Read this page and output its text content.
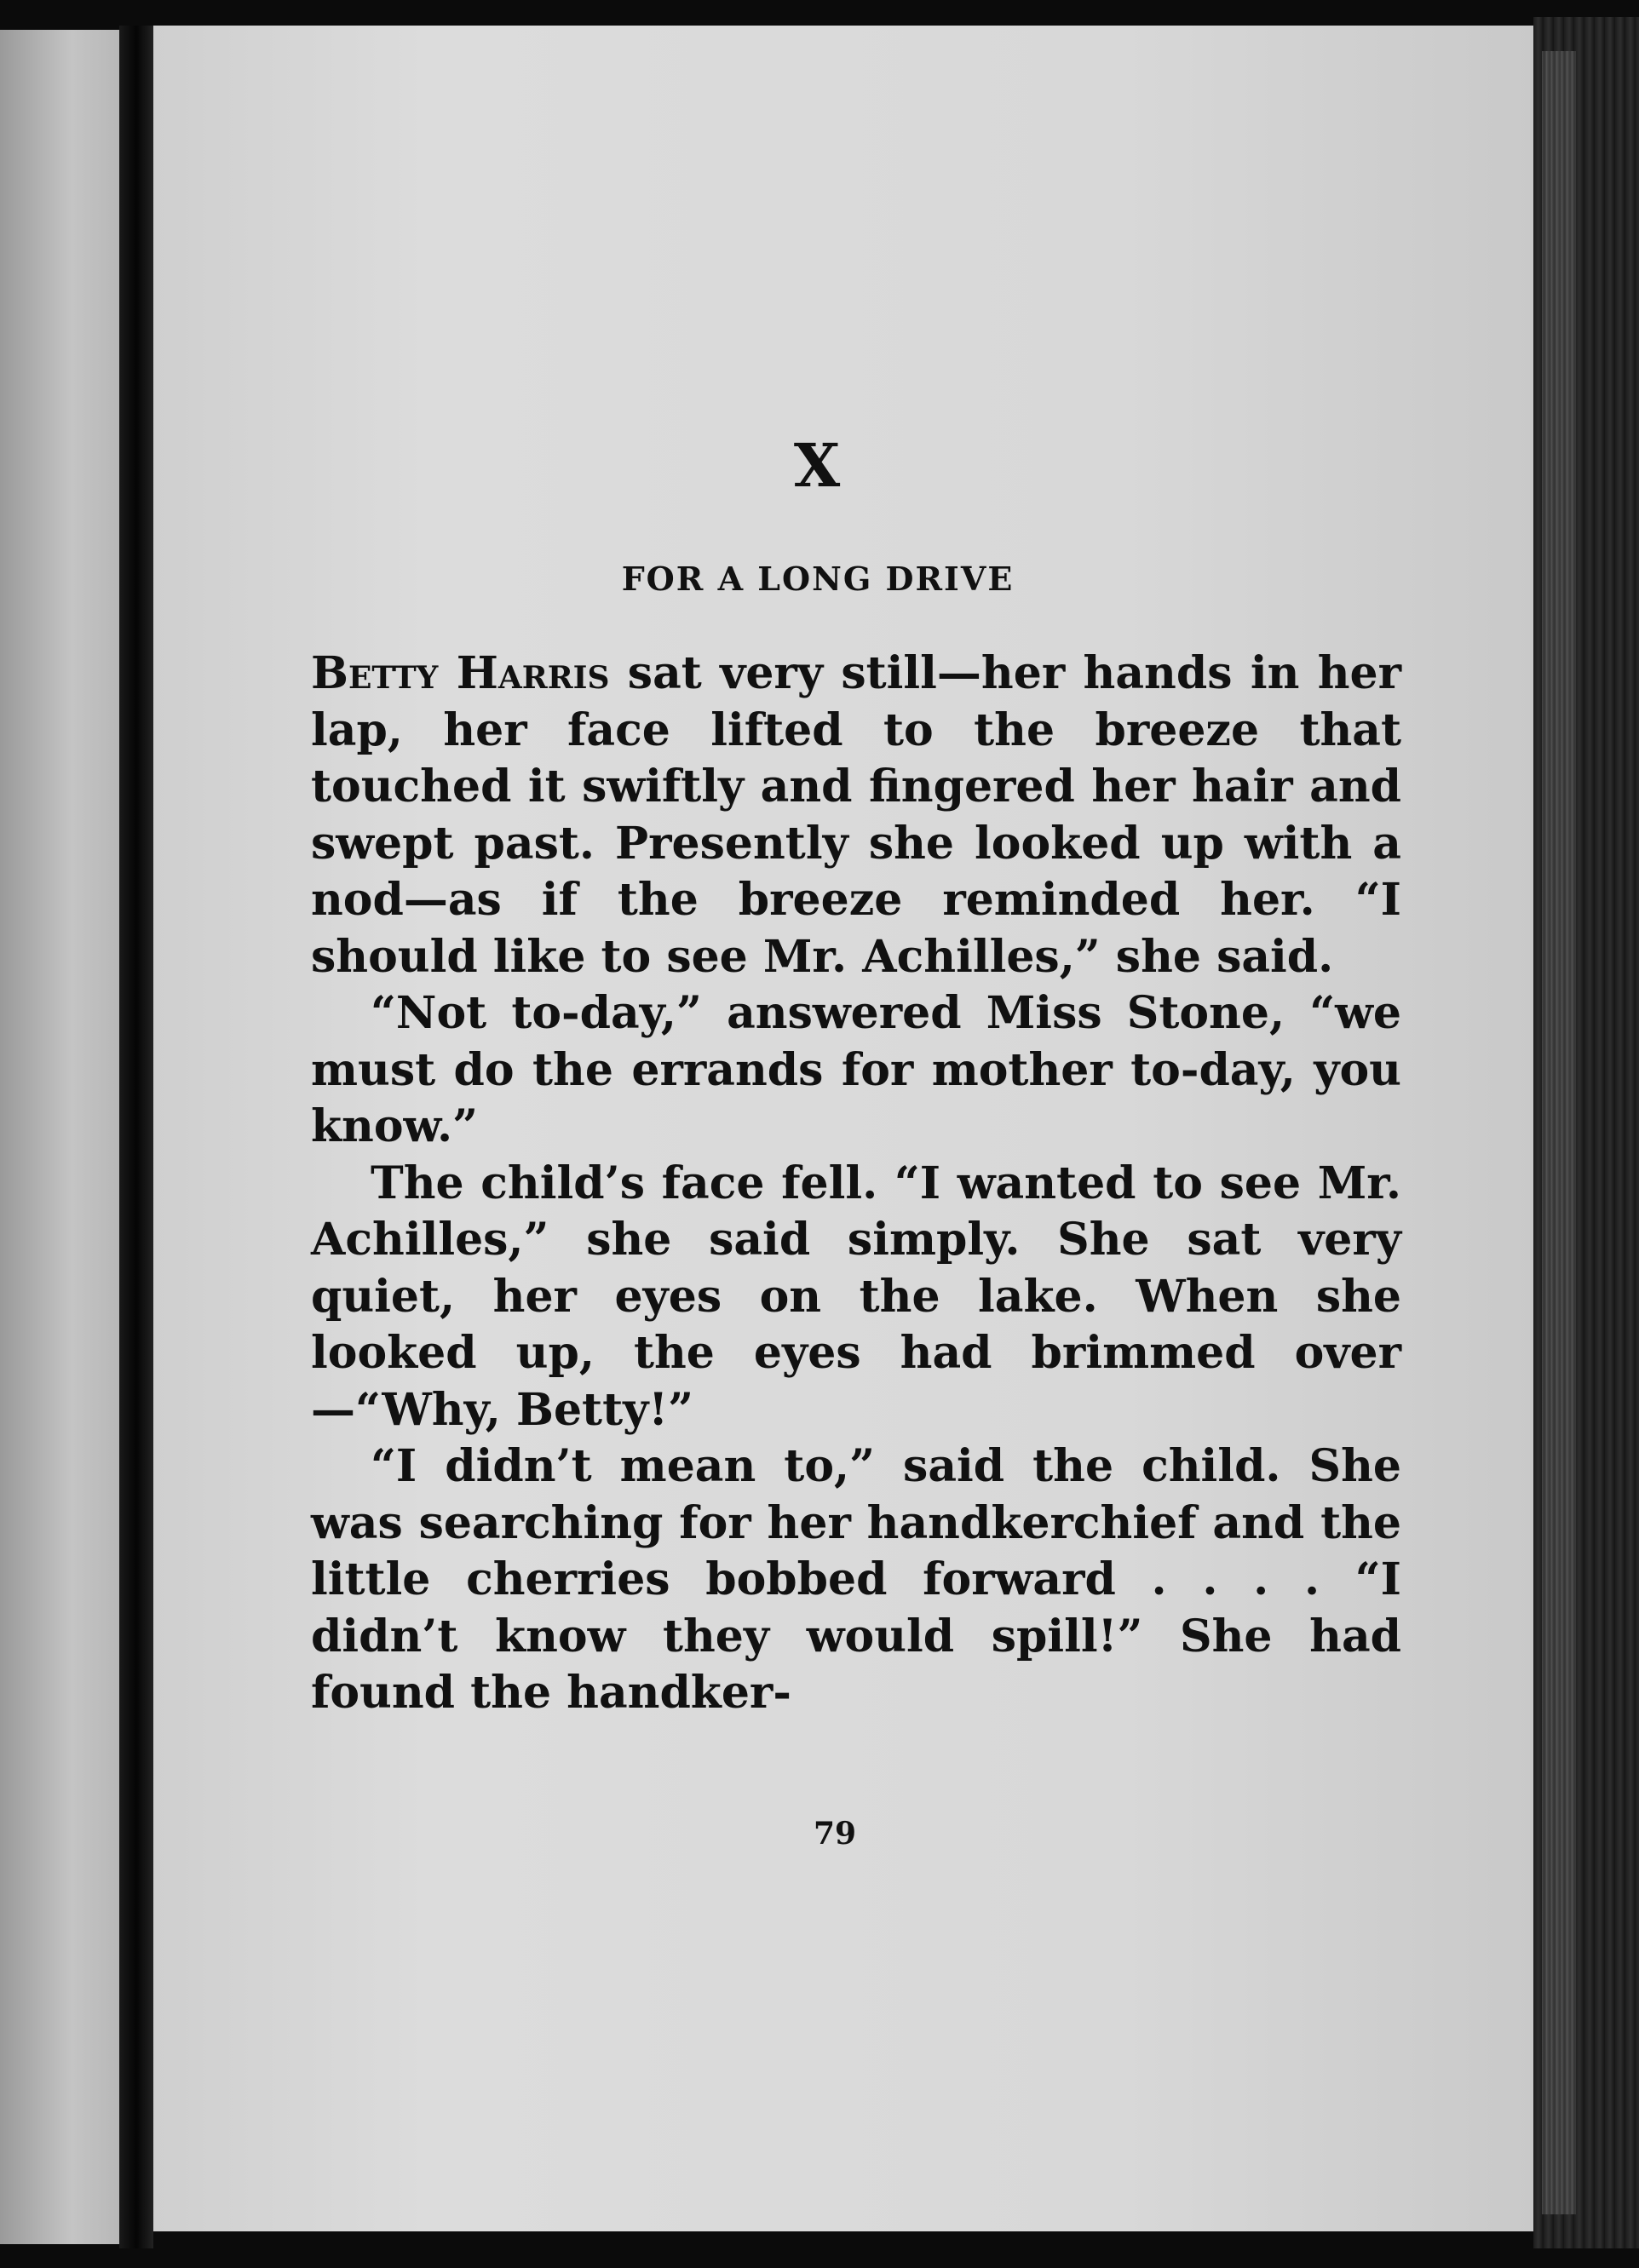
X
FOR A LONG DRIVE

Betty Harris sat very still—her hands in her lap, her face lifted to the breeze that touched it swiftly and fingered her hair and swept past. Presently she looked up with a nod—as if the breeze reminded her. “I should like to see Mr. Achilles,” she said.

“Not to-day,” answered Miss Stone, “we must do the errands for mother to-day, you know.”

The child’s face fell. “I wanted to see Mr. Achilles,” she said simply. She sat very quiet, her eyes on the lake. When she looked up, the eyes had brimmed over—“Why, Betty!”

“I didn’t mean to,” said the child. She was searching for her handkerchief and the little cherries bobbed forward . . . . “I didn’t know they would spill!” She had found the handker-

79
